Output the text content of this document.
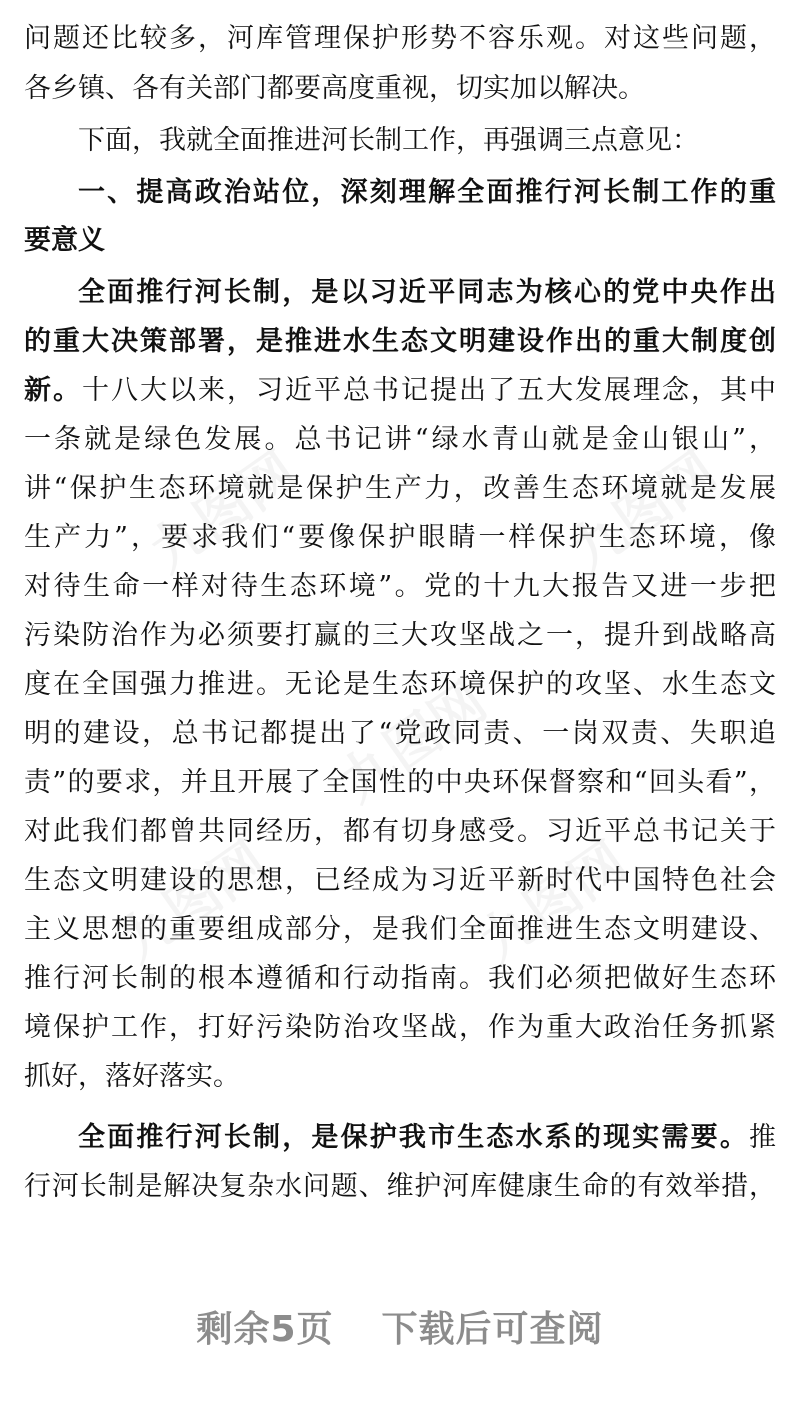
问题还比较多，河库管理保护形势不容乐观。对这些问题，
各乡镇、各有关部门都要高度重视，切实加以解决。
下面，我就全面推进河长制工作，再强调三点意见：
一、提高政治站位，深刻理解全面推行河长制工作的重
要意义
全面推行河长制，是以习近平同志为核心的党中央作出
的重大决策部署，是推进水生态文明建设作出的重大制度创
新。十八大以来，习近平总书记提出了五大发展理念，其中
一条就是绿色发展。总书记讲“绿水青山就是金山银山”，
讲“保护生态环境就是保护生产力，改善生态环境就是发展
生产力”，要求我们“要像保护眼睛一样保护生态环境，像
对待生命一样对待生态环境”。党的十九大报告又进一步把
污染防治作为必须要打赢的三大攻坚战之一，提升到战略高
度在全国强力推进。无论是生态环境保护的攻坚、水生态文
明的建设，总书记都提出了“党政同责、一岗双责、失职追
责”的要求，并且开展了全国性的中央环保督察和“回头看”，
对此我们都曾共同经历，都有切身感受。习近平总书记关于
生态文明建设的思想，已经成为习近平新时代中国特色社会
主义思想的重要组成部分，是我们全面推进生态文明建设、
推行河长制的根本遵循和行动指南。我们必须把做好生态环
境保护工作，打好污染防治攻坚战，作为重大政治任务抓紧
抓好，落好落实。
全面推行河长制，是保护我市生态水系的现实需要。推
行河长制是解决复杂水问题、维护河库健康生命的有效举措，
剩余5页 下载后可查阅
